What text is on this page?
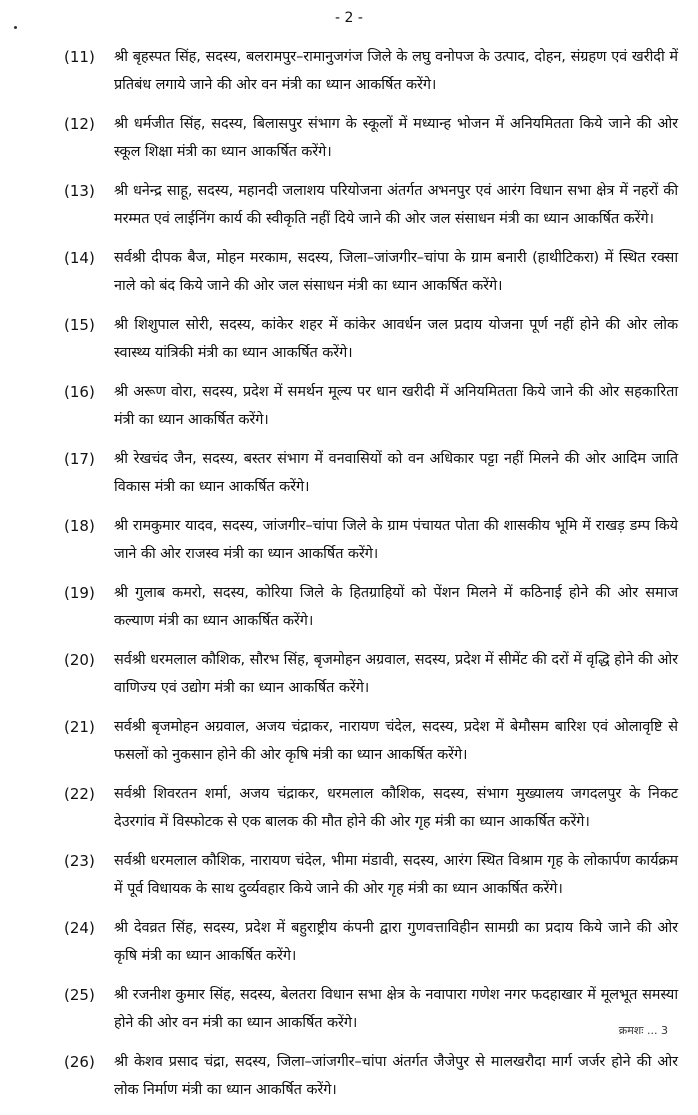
- 2 -
(11) श्री बृहस्पत सिंह, सदस्य, बलरामपुर–रामानुजगंज जिले के लघु वनोपज के उत्पाद, दोहन, संग्रहण एवं खरीदी में प्रतिबंध लगाये जाने की ओर वन मंत्री का ध्यान आकर्षित करेंगे।
(12) श्री धर्मजीत सिंह, सदस्य, बिलासपुर संभाग के स्कूलों में मध्यान्ह भोजन में अनियमितता किये जाने की ओर स्कूल शिक्षा मंत्री का ध्यान आकर्षित करेंगे।
(13) श्री धनेन्द्र साहू, सदस्य, महानदी जलाशय परियोजना अंतर्गत अभनपुर एवं आरंग विधान सभा क्षेत्र में नहरों की मरम्मत एवं लाईनिंग कार्य की स्वीकृति नहीं दिये जाने की ओर जल संसाधन मंत्री का ध्यान आकर्षित करेंगे।
(14) सर्वश्री दीपक बैज, मोहन मरकाम, सदस्य, जिला–जांजगीर–चांपा के ग्राम बनारी (हाथीटिकरा) में स्थित रक्सा नाले को बंद किये जाने की ओर जल संसाधन मंत्री का ध्यान आकर्षित करेंगे।
(15) श्री शिशुपाल सोरी, सदस्य, कांकेर शहर में कांकेर आवर्धन जल प्रदाय योजना पूर्ण नहीं होने की ओर लोक स्वास्थ्य यांत्रिकी मंत्री का ध्यान आकर्षित करेंगे।
(16) श्री अरूण वोरा, सदस्य, प्रदेश में समर्थन मूल्य पर धान खरीदी में अनियमितता किये जाने की ओर सहकारिता मंत्री का ध्यान आकर्षित करेंगे।
(17) श्री रेखचंद जैन, सदस्य, बस्तर संभाग में वनवासियों को वन अधिकार पट्टा नहीं मिलने की ओर आदिम जाति विकास मंत्री का ध्यान आकर्षित करेंगे।
(18) श्री रामकुमार यादव, सदस्य, जांजगीर–चांपा जिले के ग्राम पंचायत पोता की शासकीय भूमि में राखड़ डम्प किये जाने की ओर राजस्व मंत्री का ध्यान आकर्षित करेंगे।
(19) श्री गुलाब कमरो, सदस्य, कोरिया जिले के हितग्राहियों को पेंशन मिलने में कठिनाई होने की ओर समाज कल्याण मंत्री का ध्यान आकर्षित करेंगे।
(20) सर्वश्री धरमलाल कौशिक, सौरभ सिंह, बृजमोहन अग्रवाल, सदस्य, प्रदेश में सीमेंट की दरों में वृद्धि होने की ओर वाणिज्य एवं उद्योग मंत्री का ध्यान आकर्षित करेंगे।
(21) सर्वश्री बृजमोहन अग्रवाल, अजय चंद्राकर, नारायण चंदेल, सदस्य, प्रदेश में बेमौसम बारिश एवं ओलावृष्टि से फसलों को नुकसान होने की ओर कृषि मंत्री का ध्यान आकर्षित करेंगे।
(22) सर्वश्री शिवरतन शर्मा, अजय चंद्राकर, धरमलाल कौशिक, सदस्य, संभाग मुख्यालय जगदलपुर के निकट देउरगांव में विस्फोटक से एक बालक की मौत होने की ओर गृह मंत्री का ध्यान आकर्षित करेंगे।
(23) सर्वश्री धरमलाल कौशिक, नारायण चंदेल, भीमा मंडावी, सदस्य, आरंग स्थित विश्राम गृह के लोकार्पण कार्यक्रम में पूर्व विधायक के साथ दुर्व्यवहार किये जाने की ओर गृह मंत्री का ध्यान आकर्षित करेंगे।
(24) श्री देवव्रत सिंह, सदस्य, प्रदेश में बहुराष्ट्रीय कंपनी द्वारा गुणवत्ताविहीन सामग्री का प्रदाय किये जाने की ओर कृषि मंत्री का ध्यान आकर्षित करेंगे।
(25) श्री रजनीश कुमार सिंह, सदस्य, बेलतरा विधान सभा क्षेत्र के नवापारा गणेश नगर फदहाखार में मूलभूत समस्या होने की ओर वन मंत्री का ध्यान आकर्षित करेंगे।
(26) श्री केशव प्रसाद चंद्रा, सदस्य, जिला–जांजगीर–चांपा अंतर्गत जैजेपुर से मालखरौदा मार्ग जर्जर होने की ओर लोक निर्माण मंत्री का ध्यान आकर्षित करेंगे।
क्रमशः ... 3
